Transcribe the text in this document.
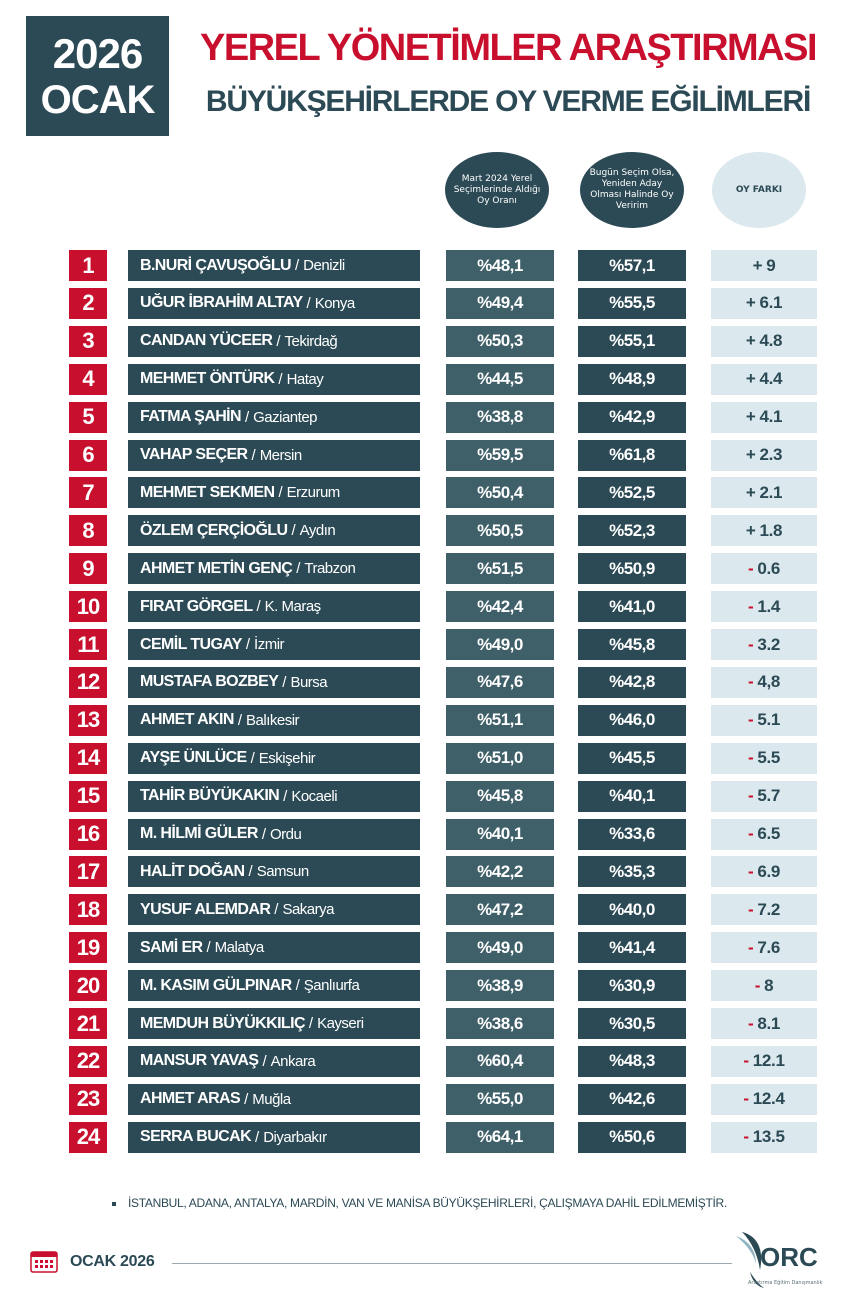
2026
OCAK
YEREL YÖNETİMLER ARAŞTIRMASI
BÜYÜKŞEHİRLERDE OY VERME EĞİLİMLERİ
Mart 2024 Yerel Seçimlerinde Aldığı Oy Oranı
Bugün Seçim Olsa, Yeniden Aday Olması Halinde Oy Veririm
OY FARKI
1	B.NURİ ÇAVUŞOĞLU / Denizli	%48,1	%57,1	+ 9
2	UĞUR İBRAHİM ALTAY / Konya	%49,4	%55,5	+ 6.1
3	CANDAN YÜCEER / Tekirdağ	%50,3	%55,1	+ 4.8
4	MEHMET ÖNTÜRK / Hatay	%44,5	%48,9	+ 4.4
5	FATMA ŞAHİN / Gaziantep	%38,8	%42,9	+ 4.1
6	VAHAP SEÇER / Mersin	%59,5	%61,8	+ 2.3
7	MEHMET SEKMEN / Erzurum	%50,4	%52,5	+ 2.1
8	ÖZLEM ÇERÇİOĞLU / Aydın	%50,5	%52,3	+ 1.8
9	AHMET METİN GENÇ / Trabzon	%51,5	%50,9	- 0.6
10	FIRAT GÖRGEL / K. Maraş	%42,4	%41,0	- 1.4
11	CEMİL TUGAY / İzmir	%49,0	%45,8	- 3.2
12	MUSTAFA BOZBEY / Bursa	%47,6	%42,8	- 4,8
13	AHMET AKIN / Balıkesir	%51,1	%46,0	- 5.1
14	AYŞE ÜNLÜCE / Eskişehir	%51,0	%45,5	- 5.5
15	TAHİR BÜYÜKAKIN / Kocaeli	%45,8	%40,1	- 5.7
16	M. HİLMİ GÜLER / Ordu	%40,1	%33,6	- 6.5
17	HALİT DOĞAN / Samsun	%42,2	%35,3	- 6.9
18	YUSUF ALEMDAR / Sakarya	%47,2	%40,0	- 7.2
19	SAMİ ER / Malatya	%49,0	%41,4	- 7.6
20	M. KASIM GÜLPINAR / Şanlıurfa	%38,9	%30,9	- 8
21	MEMDUH BÜYÜKKILIÇ / Kayseri	%38,6	%30,5	- 8.1
22	MANSUR YAVAŞ / Ankara	%60,4	%48,3	- 12.1
23	AHMET ARAS / Muğla	%55,0	%42,6	- 12.4
24	SERRA BUCAK / Diyarbakır	%64,1	%50,6	- 13.5
İSTANBUL, ADANA, ANTALYA, MARDİN, VAN VE MANİSA BÜYÜKŞEHİRLERİ, ÇALIŞMAYA DAHİL EDİLMEMİŞTİR.
OCAK 2026	ORC
Araştırma Eğitim Danışmanlık
